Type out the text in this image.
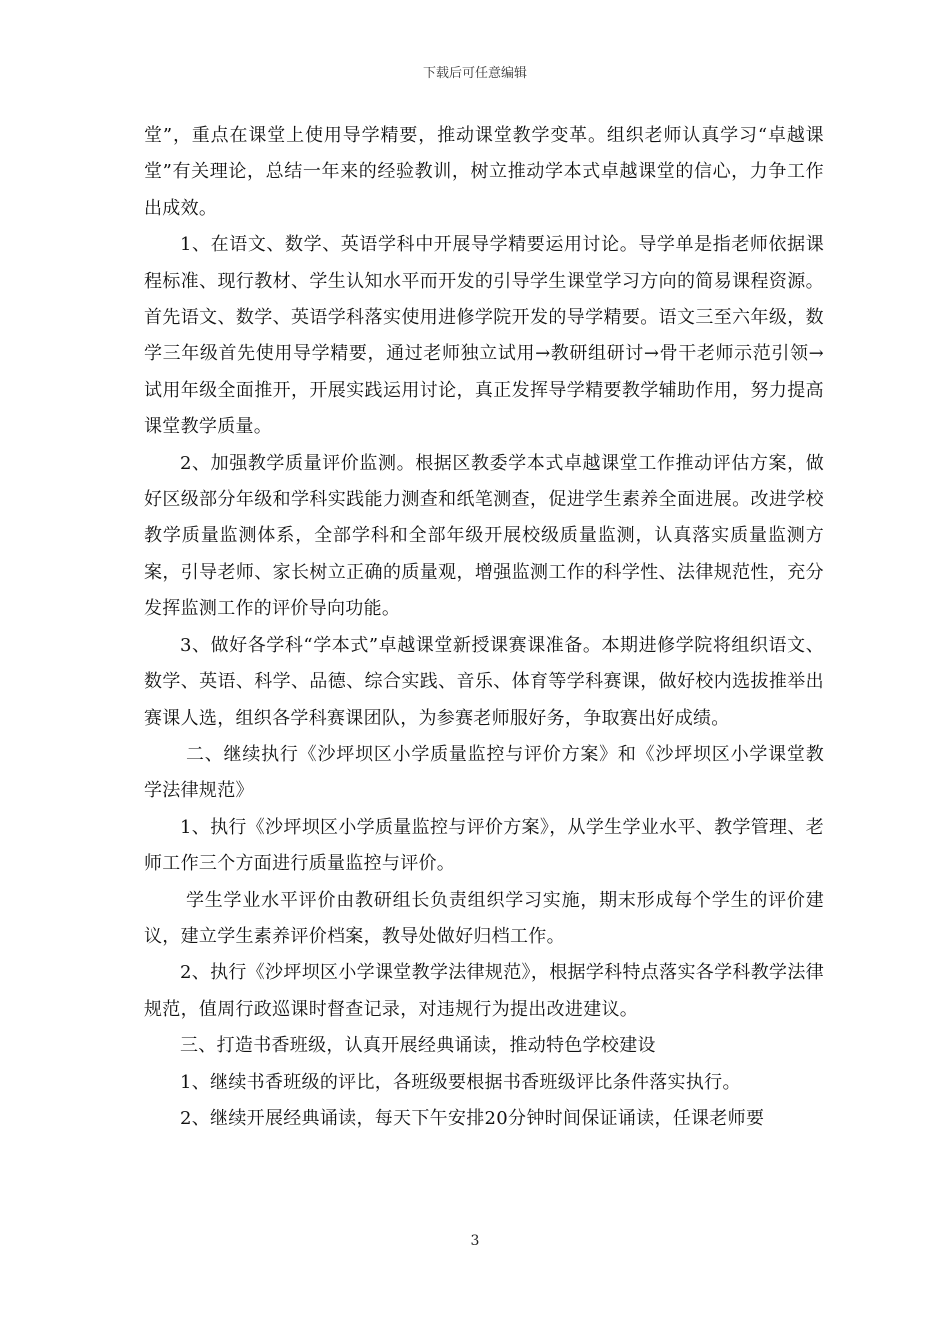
下载后可任意编辑

堂”，重点在课堂上使用导学精要，推动课堂教学变革。组织老师认真学习“卓越课堂”有关理论，总结一年来的经验教训，树立推动学本式卓越课堂的信心，力争工作出成效。

1、在语文、数学、英语学科中开展导学精要运用讨论。导学单是指老师依据课程标准、现行教材、学生认知水平而开发的引导学生课堂学习方向的简易课程资源。首先语文、数学、英语学科落实使用进修学院开发的导学精要。语文三至六年级，数学三年级首先使用导学精要，通过老师独立试用→教研组研讨→骨干老师示范引领→试用年级全面推开，开展实践运用讨论，真正发挥导学精要教学辅助作用，努力提高课堂教学质量。

2、加强教学质量评价监测。根据区教委学本式卓越课堂工作推动评估方案，做好区级部分年级和学科实践能力测查和纸笔测查，促进学生素养全面进展。改进学校教学质量监测体系，全部学科和全部年级开展校级质量监测，认真落实质量监测方案，引导老师、家长树立正确的质量观，增强监测工作的科学性、法律规范性，充分发挥监测工作的评价导向功能。

3、做好各学科“学本式”卓越课堂新授课赛课准备。本期进修学院将组织语文、数学、英语、科学、品德、综合实践、音乐、体育等学科赛课，做好校内选拔推举出赛课人选，组织各学科赛课团队，为参赛老师服好务，争取赛出好成绩。

二、继续执行《沙坪坝区小学质量监控与评价方案》和《沙坪坝区小学课堂教学法律规范》

1、执行《沙坪坝区小学质量监控与评价方案》，从学生学业水平、教学管理、老师工作三个方面进行质量监控与评价。

学生学业水平评价由教研组长负责组织学习实施，期末形成每个学生的评价建议，建立学生素养评价档案，教导处做好归档工作。

2、执行《沙坪坝区小学课堂教学法律规范》，根据学科特点落实各学科教学法律规范，值周行政巡课时督查记录，对违规行为提出改进建议。

三、打造书香班级，认真开展经典诵读，推动特色学校建设

1、继续书香班级的评比，各班级要根据书香班级评比条件落实执行。

2、继续开展经典诵读，每天下午安排20分钟时间保证诵读，任课老师要

3
